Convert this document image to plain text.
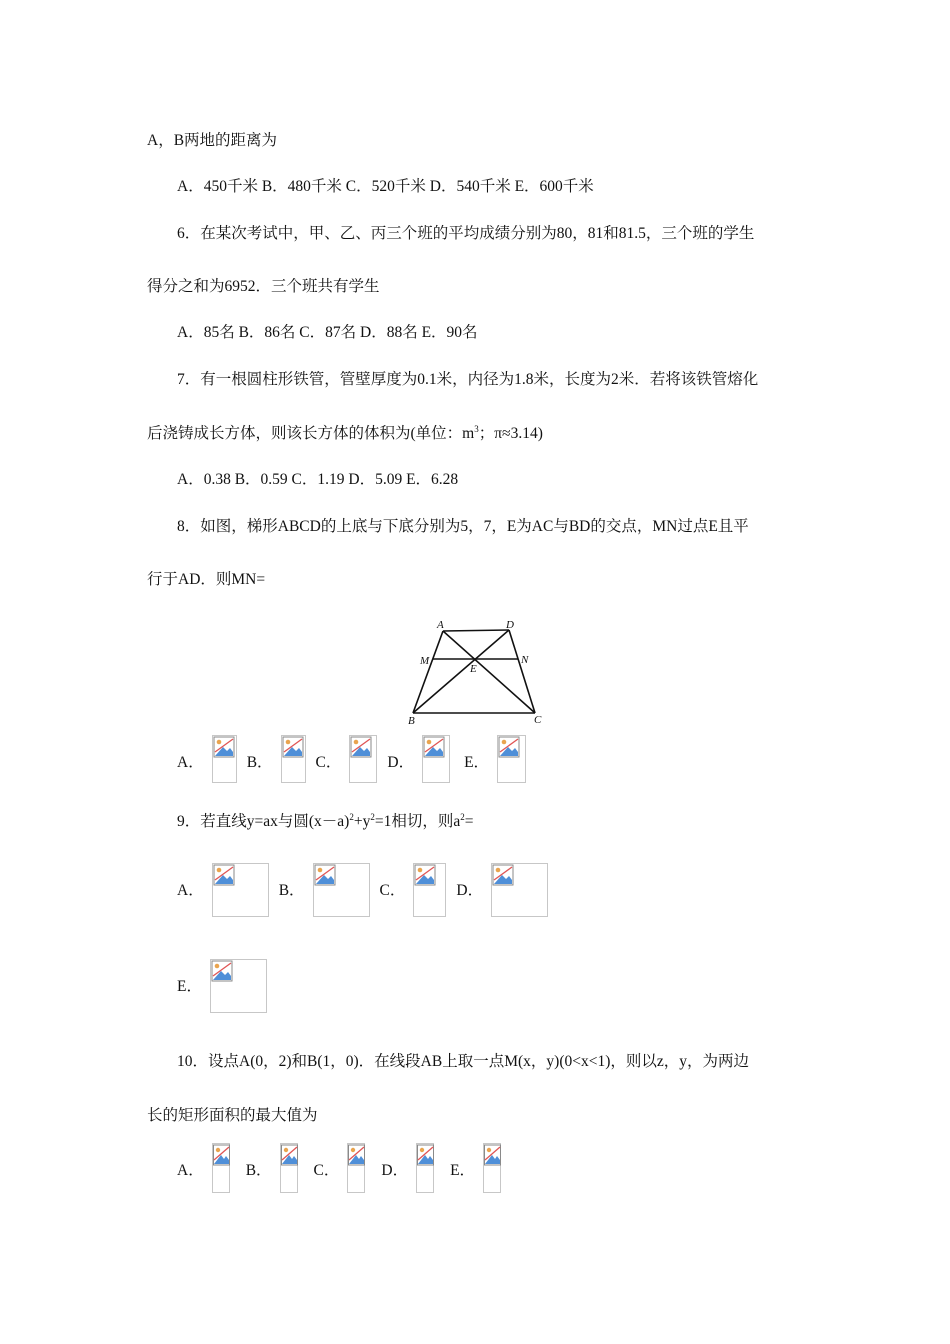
A，B两地的距离为
A．450千米 B．480千米 C．520千米 D．540千米 E．600千米
6．在某次考试中，甲、乙、丙三个班的平均成绩分别为80，81和81.5，三个班的学生
得分之和为6952．三个班共有学生
A．85名 B．86名 C．87名 D．88名 E．90名
7．有一根圆柱形铁管，管壁厚度为0.1米，内径为1.8米，长度为2米．若将该铁管熔化
后浇铸成长方体，则该长方体的体积为(单位：$m^3$；π≈3.14)
A．0.38 B．0.59 C．1.19 D．5.09 E．6.28
8．如图，梯形ABCD的上底与下底分别为5，7，E为AC与BD的交点，MN过点E且平
行于AD．则MN=
A	D
M
E
N
B	C
A．	B．	C．	D．	E．
9．若直线y=ax与圆$(x-a)^2+y^2=1$相切，则$a^2=$
A．	B．	C．	D．
E．
10．设点A(0，2)和B(1，0)．在线段AB上取一点M(x，y)(0<x<1)，则以z，y，为两边
长的矩形面积的最大值为
A．	B．	C．	D．	E．
